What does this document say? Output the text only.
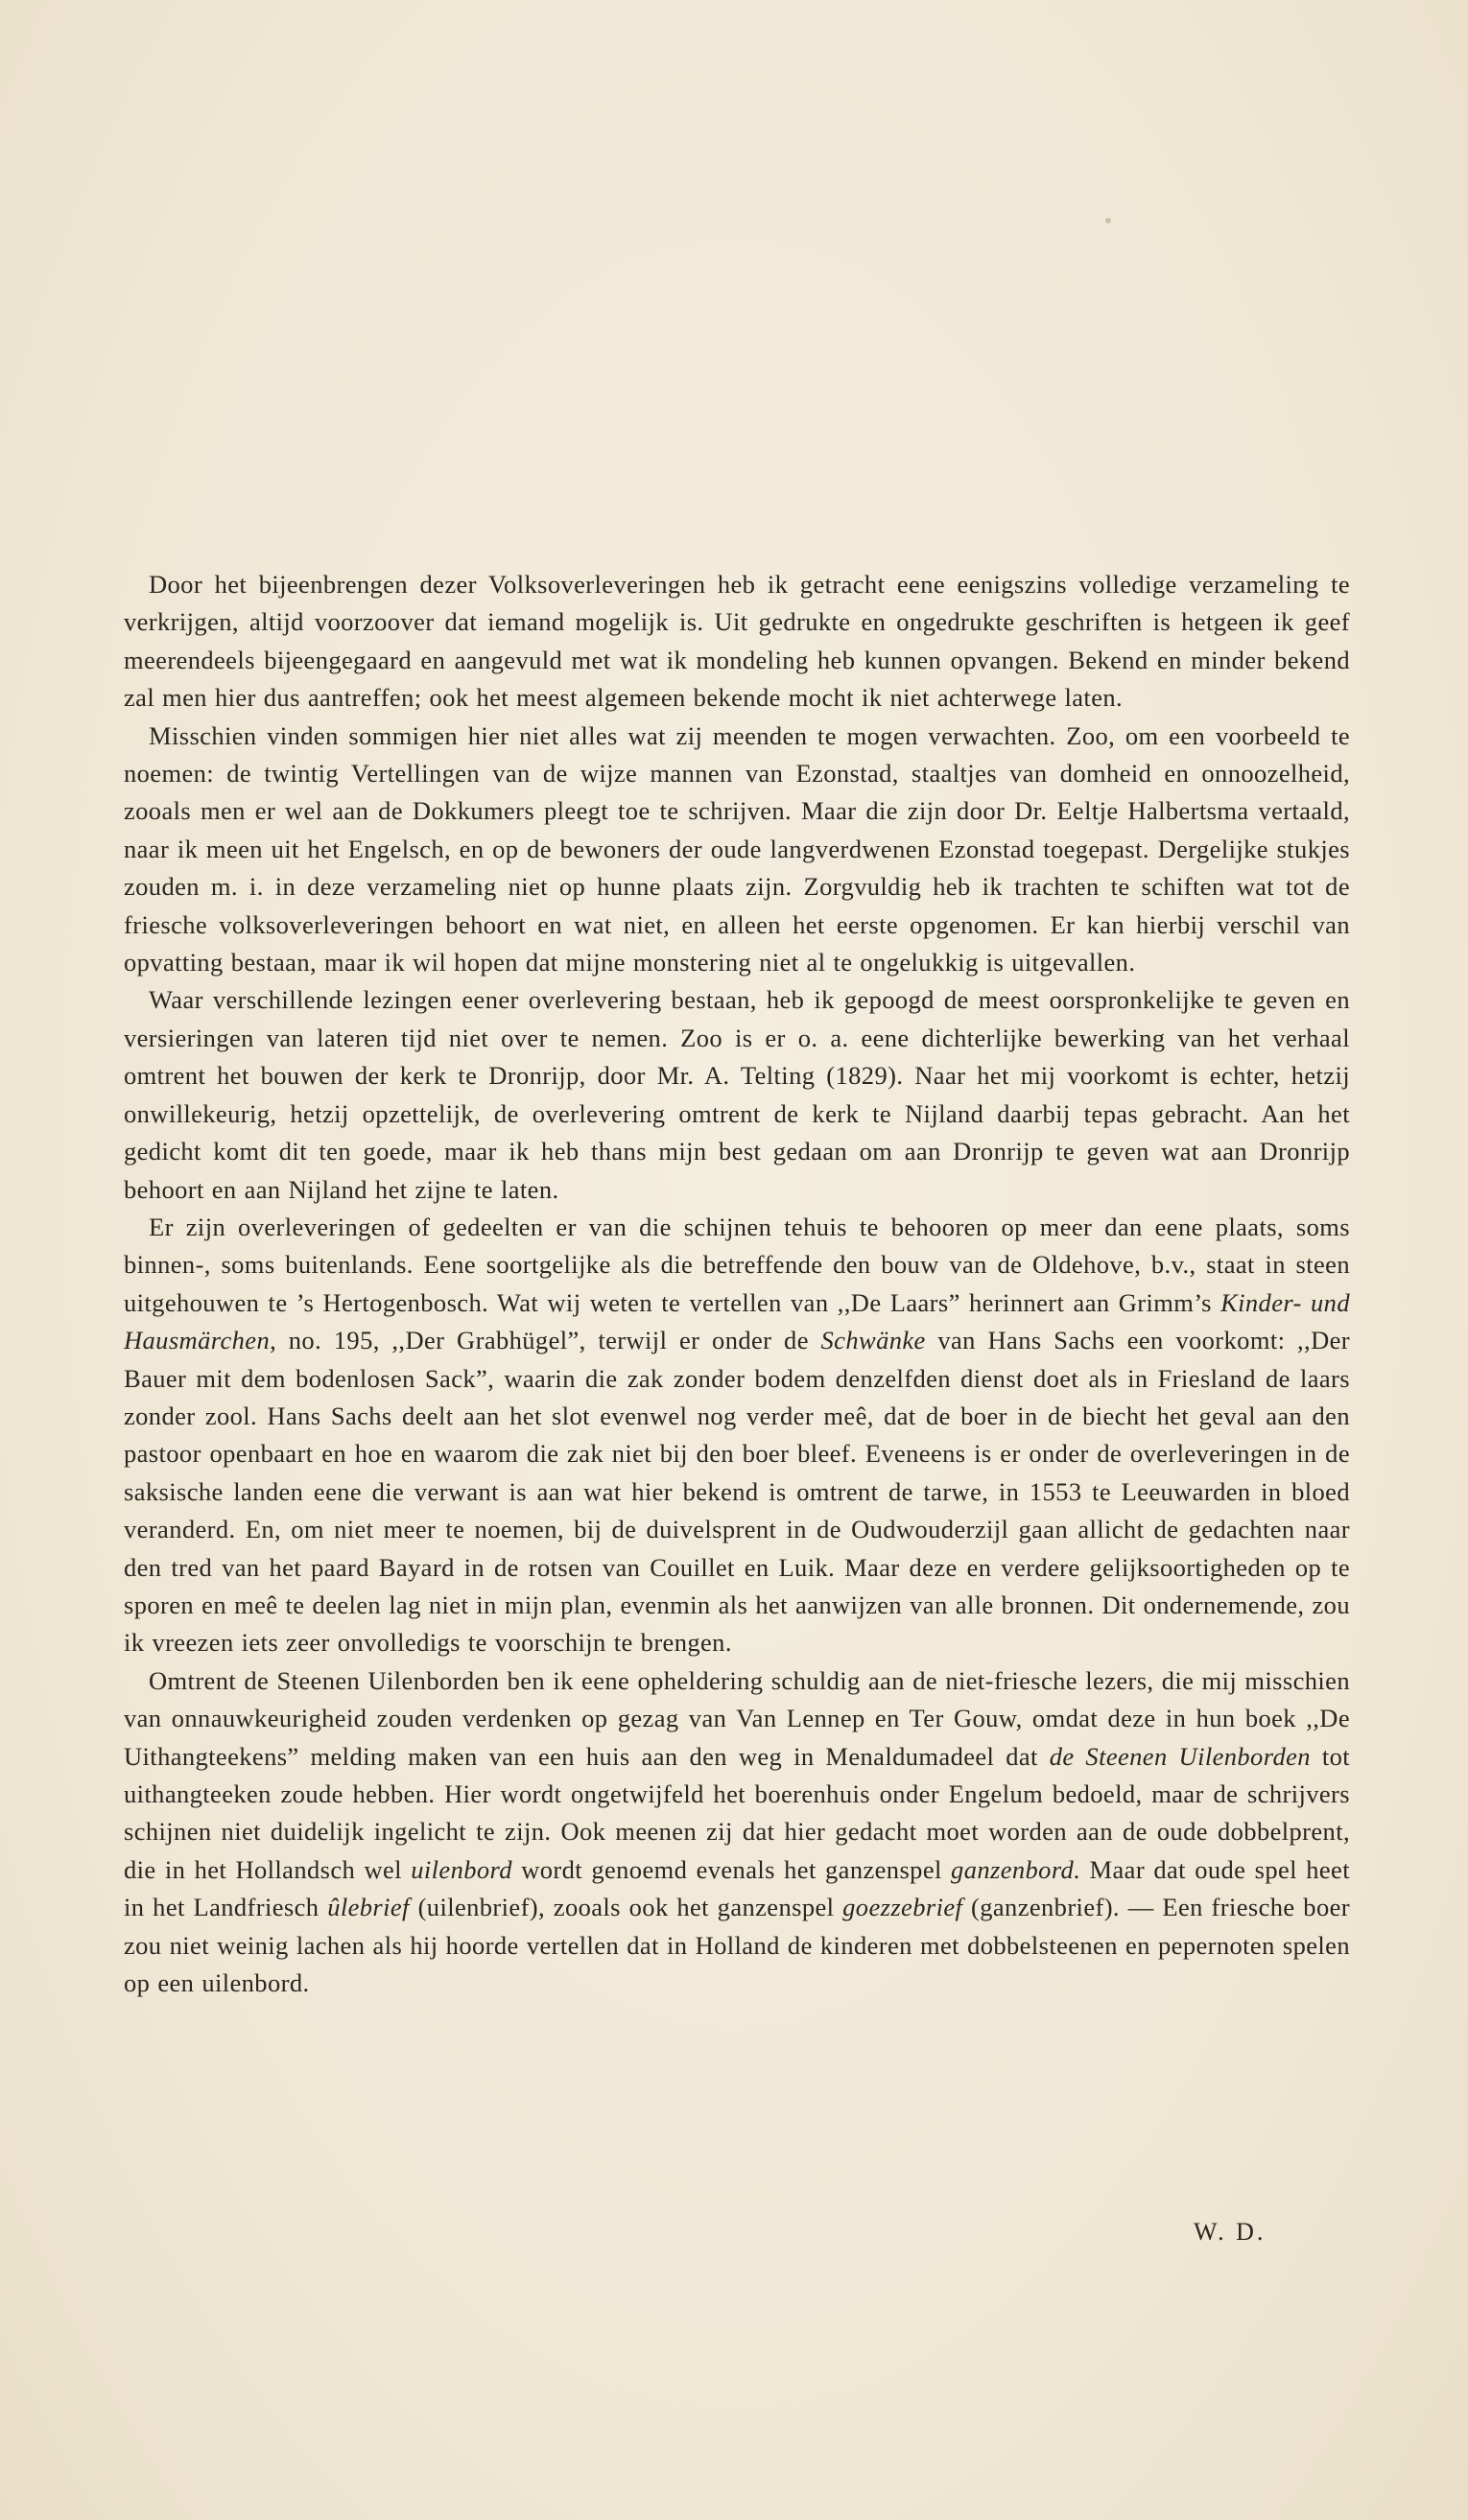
Door het bijeenbrengen dezer Volksoverleveringen heb ik getracht eene eenigszins volledige verzameling te verkrijgen, altijd voorzoover dat iemand mogelijk is. Uit gedrukte en ongedrukte geschriften is hetgeen ik geef meerendeels bijeengegaard en aangevuld met wat ik mondeling heb kunnen opvangen. Bekend en minder bekend zal men hier dus aantreffen; ook het meest algemeen bekende mocht ik niet achterwege laten.

Misschien vinden sommigen hier niet alles wat zij meenden te mogen verwachten. Zoo, om een voorbeeld te noemen: de twintig Vertellingen van de wijze mannen van Ezonstad, staaltjes van domheid en onnoozelheid, zooals men er wel aan de Dokkumers pleegt toe te schrijven. Maar die zijn door Dr. Eeltje Halbertsma vertaald, naar ik meen uit het Engelsch, en op de bewoners der oude langverdwenen Ezonstad toegepast. Dergelijke stukjes zouden m. i. in deze verzameling niet op hunne plaats zijn. Zorgvuldig heb ik trachten te schiften wat tot de friesche volksoverleveringen behoort en wat niet, en alleen het eerste opgenomen. Er kan hierbij verschil van opvatting bestaan, maar ik wil hopen dat mijne monstering niet al te ongelukkig is uitgevallen.

Waar verschillende lezingen eener overlevering bestaan, heb ik gepoogd de meest oorspronkelijke te geven en versieringen van lateren tijd niet over te nemen. Zoo is er o. a. eene dichterlijke bewerking van het verhaal omtrent het bouwen der kerk te Dronrijp, door Mr. A. Telting (1829). Naar het mij voorkomt is echter, hetzij onwillekeurig, hetzij opzettelijk, de overlevering omtrent de kerk te Nijland daarbij tepas gebracht. Aan het gedicht komt dit ten goede, maar ik heb thans mijn best gedaan om aan Dronrijp te geven wat aan Dronrijp behoort en aan Nijland het zijne te laten.

Er zijn overleveringen of gedeelten er van die schijnen tehuis te behooren op meer dan eene plaats, soms binnen-, soms buitenlands. Eene soortgelijke als die betreffende den bouw van de Oldehove, b.v., staat in steen uitgehouwen te ’s Hertogenbosch. Wat wij weten te vertellen van ,,De Laars” herinnert aan Grimm’s Kinder- und Hausmärchen, no. 195, ,,Der Grabhügel”, terwijl er onder de Schwänke van Hans Sachs een voorkomt: ,,Der Bauer mit dem bodenlosen Sack”, waarin die zak zonder bodem denzelfden dienst doet als in Friesland de laars zonder zool. Hans Sachs deelt aan het slot evenwel nog verder meê, dat de boer in de biecht het geval aan den pastoor openbaart en hoe en waarom die zak niet bij den boer bleef. Eveneens is er onder de overleveringen in de saksische landen eene die verwant is aan wat hier bekend is omtrent de tarwe, in 1553 te Leeuwarden in bloed veranderd. En, om niet meer te noemen, bij de duivelsprent in de Oudwouderzijl gaan allicht de gedachten naar den tred van het paard Bayard in de rotsen van Couillet en Luik. Maar deze en verdere gelijksoortigheden op te sporen en meê te deelen lag niet in mijn plan, evenmin als het aanwijzen van alle bronnen. Dit ondernemende, zou ik vreezen iets zeer onvolledigs te voorschijn te brengen.

Omtrent de Steenen Uilenborden ben ik eene opheldering schuldig aan de niet-friesche lezers, die mij misschien van onnauwkeurigheid zouden verdenken op gezag van Van Lennep en Ter Gouw, omdat deze in hun boek ,,De Uithangteekens” melding maken van een huis aan den weg in Menaldumadeel dat de Steenen Uilenborden tot uithangteeken zoude hebben. Hier wordt ongetwijfeld het boerenhuis onder Engelum bedoeld, maar de schrijvers schijnen niet duidelijk ingelicht te zijn. Ook meenen zij dat hier gedacht moet worden aan de oude dobbelprent, die in het Hollandsch wel uilenbord wordt genoemd evenals het ganzenspel ganzenbord. Maar dat oude spel heet in het Landfriesch ûlebrief (uilenbrief), zooals ook het ganzenspel goezzebrief (ganzenbrief). — Een friesche boer zou niet weinig lachen als hij hoorde vertellen dat in Holland de kinderen met dobbelsteenen en pepernoten spelen op een uilenbord.

W. D.
